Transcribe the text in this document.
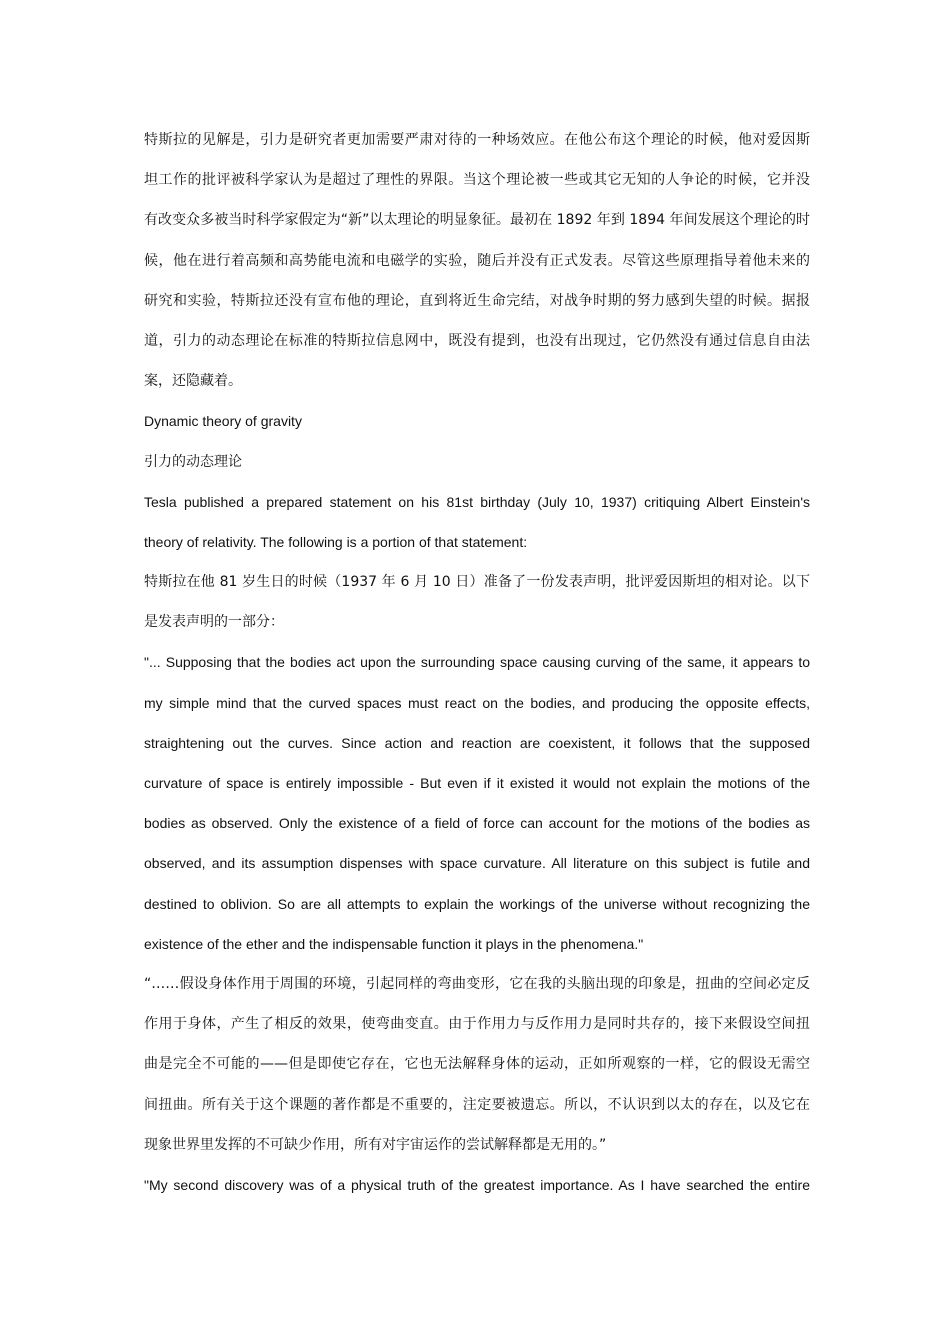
特斯拉的见解是，引力是研究者更加需要严肃对待的一种场效应。在他公布这个理论的时候，他对爱因斯
坦工作的批评被科学家认为是超过了理性的界限。当这个理论被一些或其它无知的人争论的时候，它并没
有改变众多被当时科学家假定为“新”以太理论的明显象征。最初在 1892 年到 1894 年间发展这个理论的时
候，他在进行着高频和高势能电流和电磁学的实验，随后并没有正式发表。尽管这些原理指导着他未来的
研究和实验，特斯拉还没有宣布他的理论，直到将近生命完结，对战争时期的努力感到失望的时候。据报
道，引力的动态理论在标准的特斯拉信息网中，既没有提到，也没有出现过，它仍然没有通过信息自由法
案，还隐藏着。
Dynamic theory of gravity
引力的动态理论
Tesla published a prepared statement on his 81st birthday (July 10, 1937) critiquing Albert Einstein's
theory of relativity. The following is a portion of that statement:
特斯拉在他 81 岁生日的时候（1937 年 6 月 10 日）准备了一份发表声明，批评爱因斯坦的相对论。以下
是发表声明的一部分：
"... Supposing that the bodies act upon the surrounding space causing curving of the same, it appears to
my simple mind that the curved spaces must react on the bodies, and producing the opposite effects,
straightening out the curves. Since action and reaction are coexistent, it follows that the supposed
curvature of space is entirely impossible - But even if it existed it would not explain the motions of the
bodies as observed. Only the existence of a field of force can account for the motions of the bodies as
observed, and its assumption dispenses with space curvature. All literature on this subject is futile and
destined to oblivion. So are all attempts to explain the workings of the universe without recognizing the
existence of the ether and the indispensable function it plays in the phenomena."
“……假设身体作用于周围的环境，引起同样的弯曲变形，它在我的头脑出现的印象是，扭曲的空间必定反
作用于身体，产生了相反的效果，使弯曲变直。由于作用力与反作用力是同时共存的，接下来假设空间扭
曲是完全不可能的——但是即使它存在，它也无法解释身体的运动，正如所观察的一样，它的假设无需空
间扭曲。所有关于这个课题的著作都是不重要的，注定要被遗忘。所以，不认识到以太的存在，以及它在
现象世界里发挥的不可缺少作用，所有对宇宙运作的尝试解释都是无用的。”
"My second discovery was of a physical truth of the greatest importance. As I have searched the entire
